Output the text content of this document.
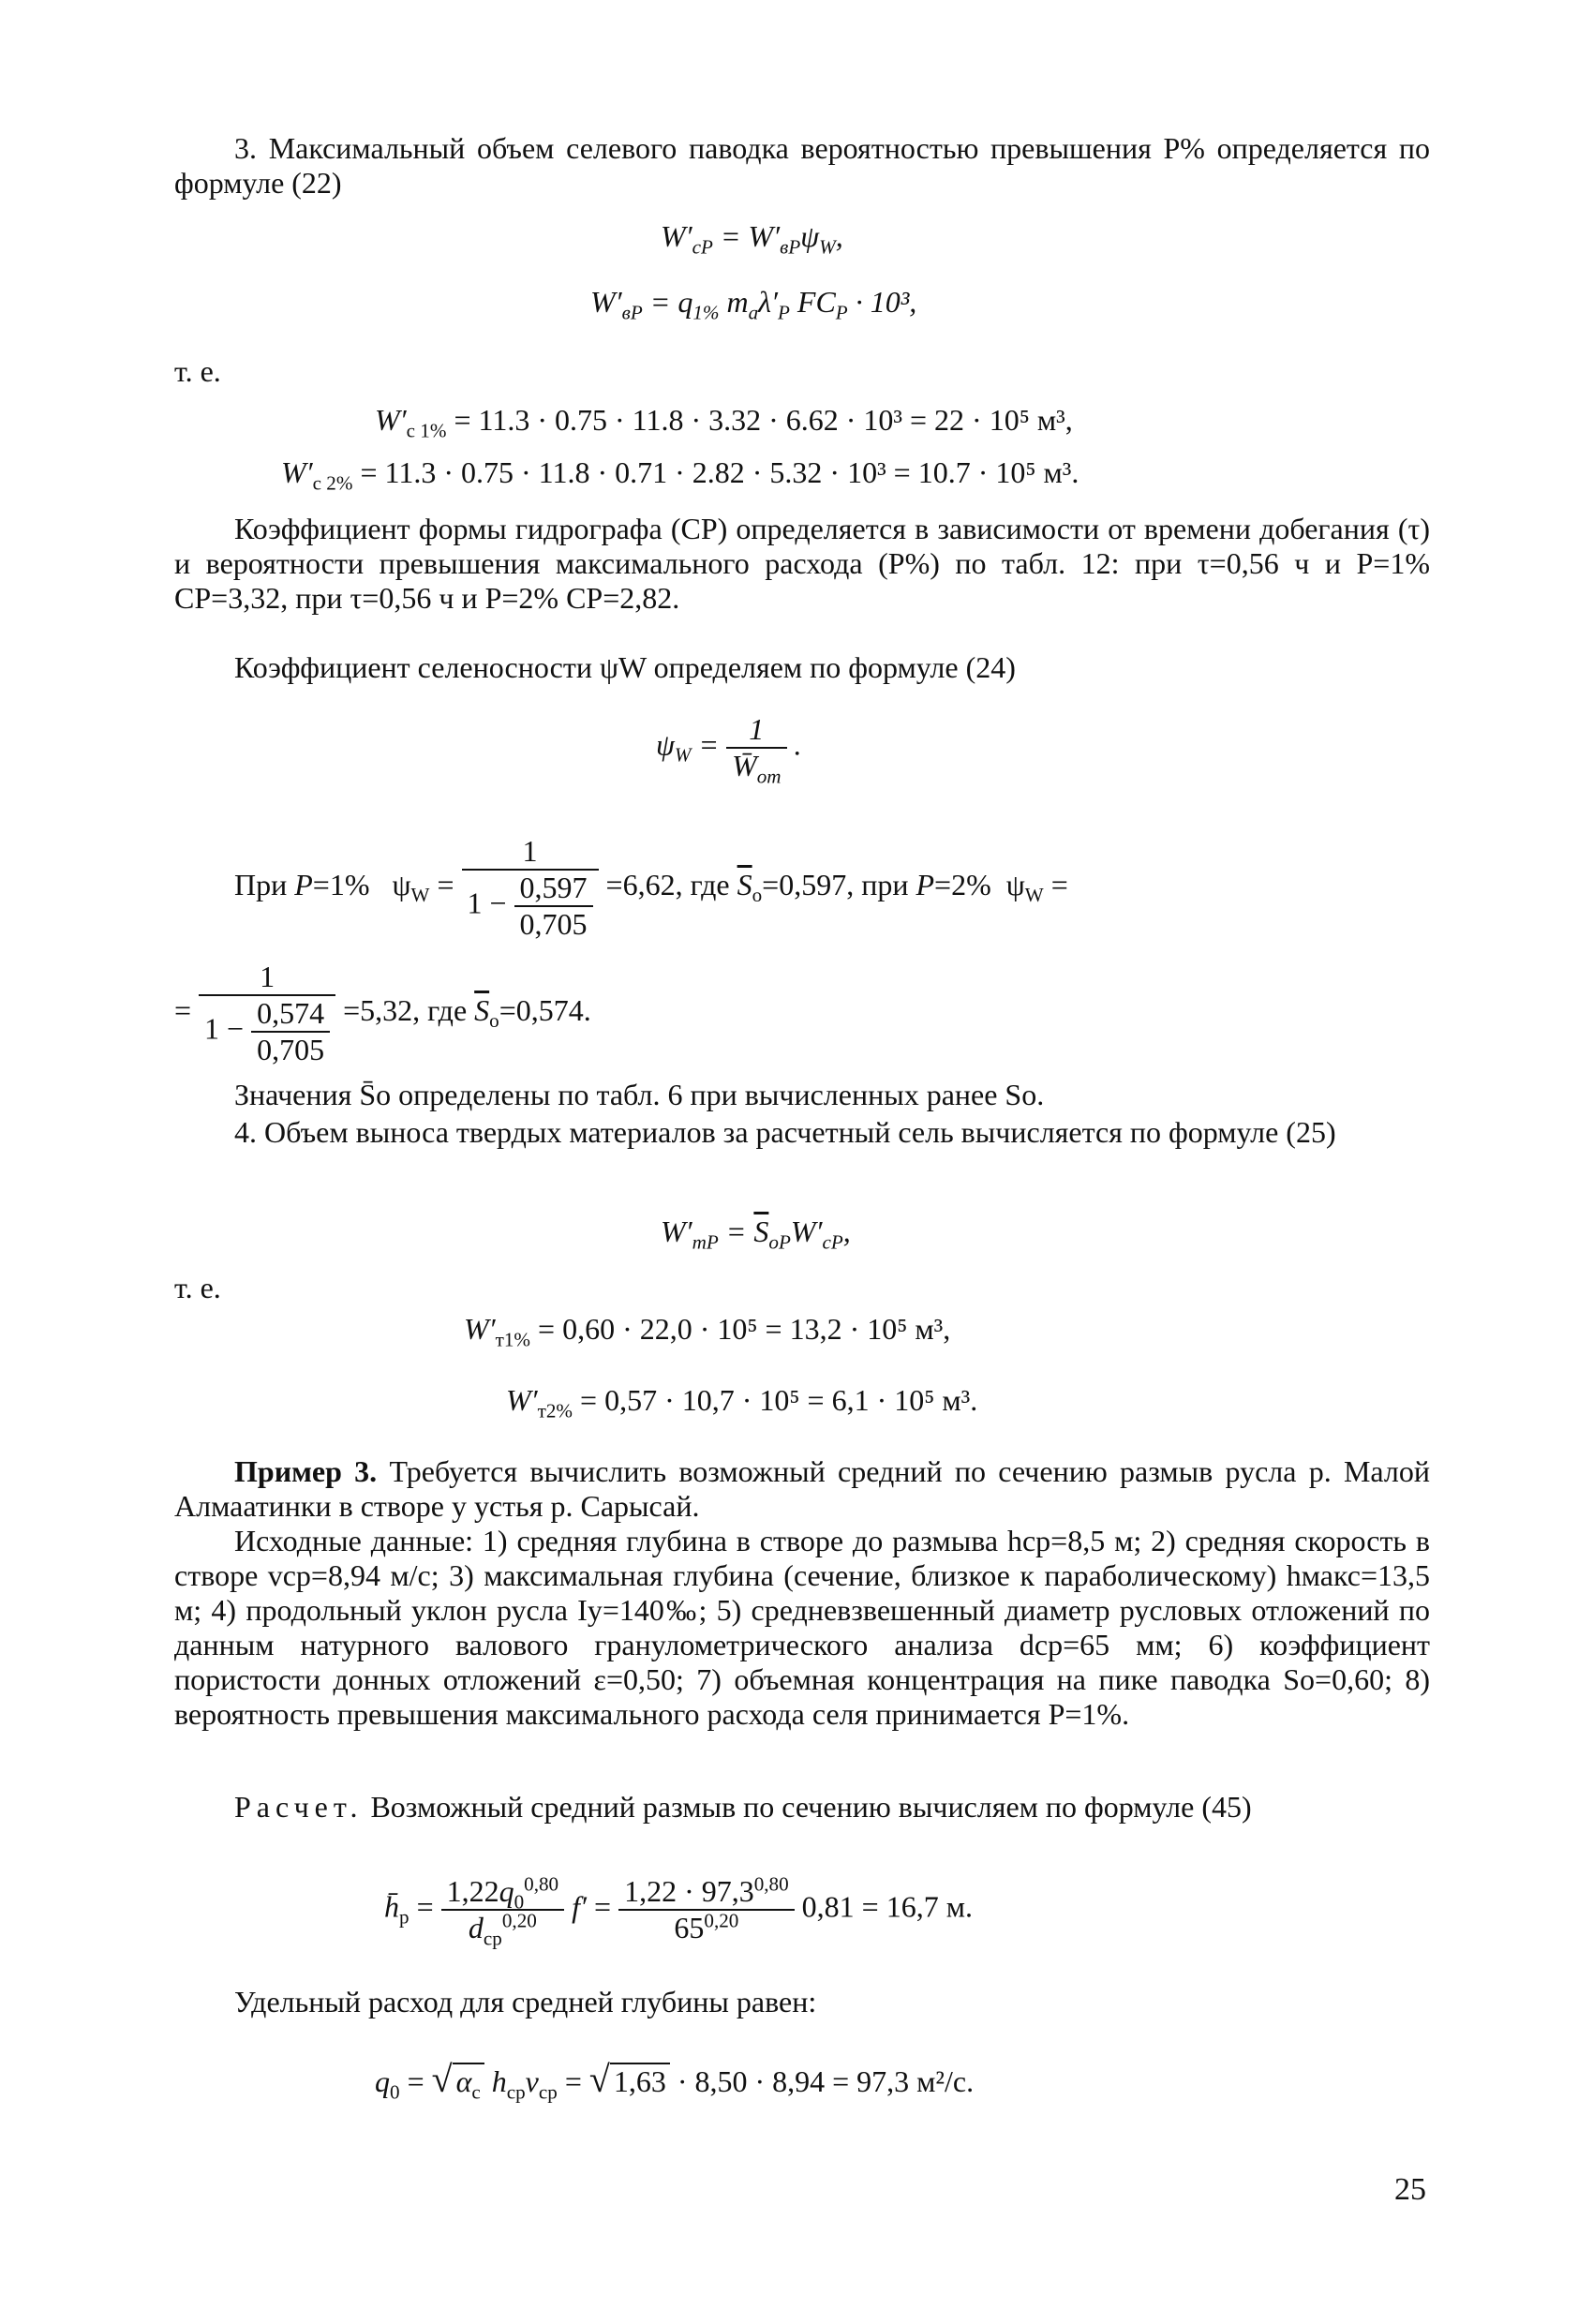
3. Максимальный объем селевого паводка вероятностью превышения P% определяется по формуле (22)
$W'_{cP} = W'_{вP}\psi_W$,
$W'_{вP} = q_{1\%}$ $m_а\lambda'_P$ $FC_P \cdot 10^3$,
т. е.
$W'_{c 1\%} = 11.3 \cdot 0.75 \cdot 11.8 \cdot 3.32 \cdot 6.62 \cdot 10^3 = 22 \cdot 10^5$ м³,
$W'_{c 2\%} = 11.3 \cdot 0.75 \cdot 11.8 \cdot 0.71 \cdot 2.82 \cdot 5.32 \cdot 10^3 = 10.7 \cdot 10^5$ м³.
Коэффициент формы гидрографа (CP) определяется в зависимости от времени добегания (τ) и вероятности превышения максимального расхода (P%) по табл. 12: при τ=0,56 ч и P=1% CP=3,32, при τ=0,56 ч и P=2% CP=2,82.
Коэффициент селеносности ψW определяем по формуле (24)
$\psi_W = \frac{1}{W̄_{от}}$ .
При P=1%   $\psi_W = \frac{1}{1 - \frac{0,597}{0,705}} =6,62$, где $\overline{S}_o=0,597$, при P=2%  $\psi_W$ =
= $\frac{1}{1 - \frac{0,574}{0,705}} =5,32$, где $\overline{S}_o=0,574$.
Значения S̄o определены по табл. 6 при вычисленных ранее So.
4. Объем выноса твердых материалов за расчетный сель вычисляется по формуле (25)
$W'_{тP} = \overline{S}_{oP}W'_{cP}$,
т. е.
$W'_{т1\%} = 0,60 \cdot 22,0 \cdot 10^5 = 13,2 \cdot 10^5$ м³,
$W'_{т2\%} = 0,57 \cdot 10,7 \cdot 10^5 = 6,1 \cdot 10^5$ м³.
Пример 3. Требуется вычислить возможный средний по сечению размыв русла р. Малой Алмаатинки в створе у устья р. Сарысай.
Исходные данные: 1) средняя глубина в створе до размыва hср=8,5 м; 2) средняя скорость в створе vср=8,94 м/с; 3) максимальная глубина (сечение, близкое к параболическому) hмакс=13,5 м; 4) продольный уклон русла Iy=140‰; 5) средневзвешенный диаметр русловых отложений по данным натурного валового гранулометрического анализа dср=65 мм; 6) коэффициент пористости донных отложений ε=0,50; 7) объемная концентрация на пике паводка So=0,60; 8) вероятность превышения максимального расхода селя принимается P=1%.
Расчет. Возможный средний размыв по сечению вычисляем по формуле (45)
$h̄_р = \frac{1,22q_0^{0,80}}{d_{ср}^{0,20}} f' = \frac{1,22 \cdot 97,3^{0,80}}{65^{0,20}} 0,81 = 16,7$ м.
Удельный расход для средней глубины равен:
$q_0$ = √ $\alpha_c$ $h_{ср}v_{ср}$ = √ 1,63 · 8,50 · 8,94 = 97,3 м²/с.
25
